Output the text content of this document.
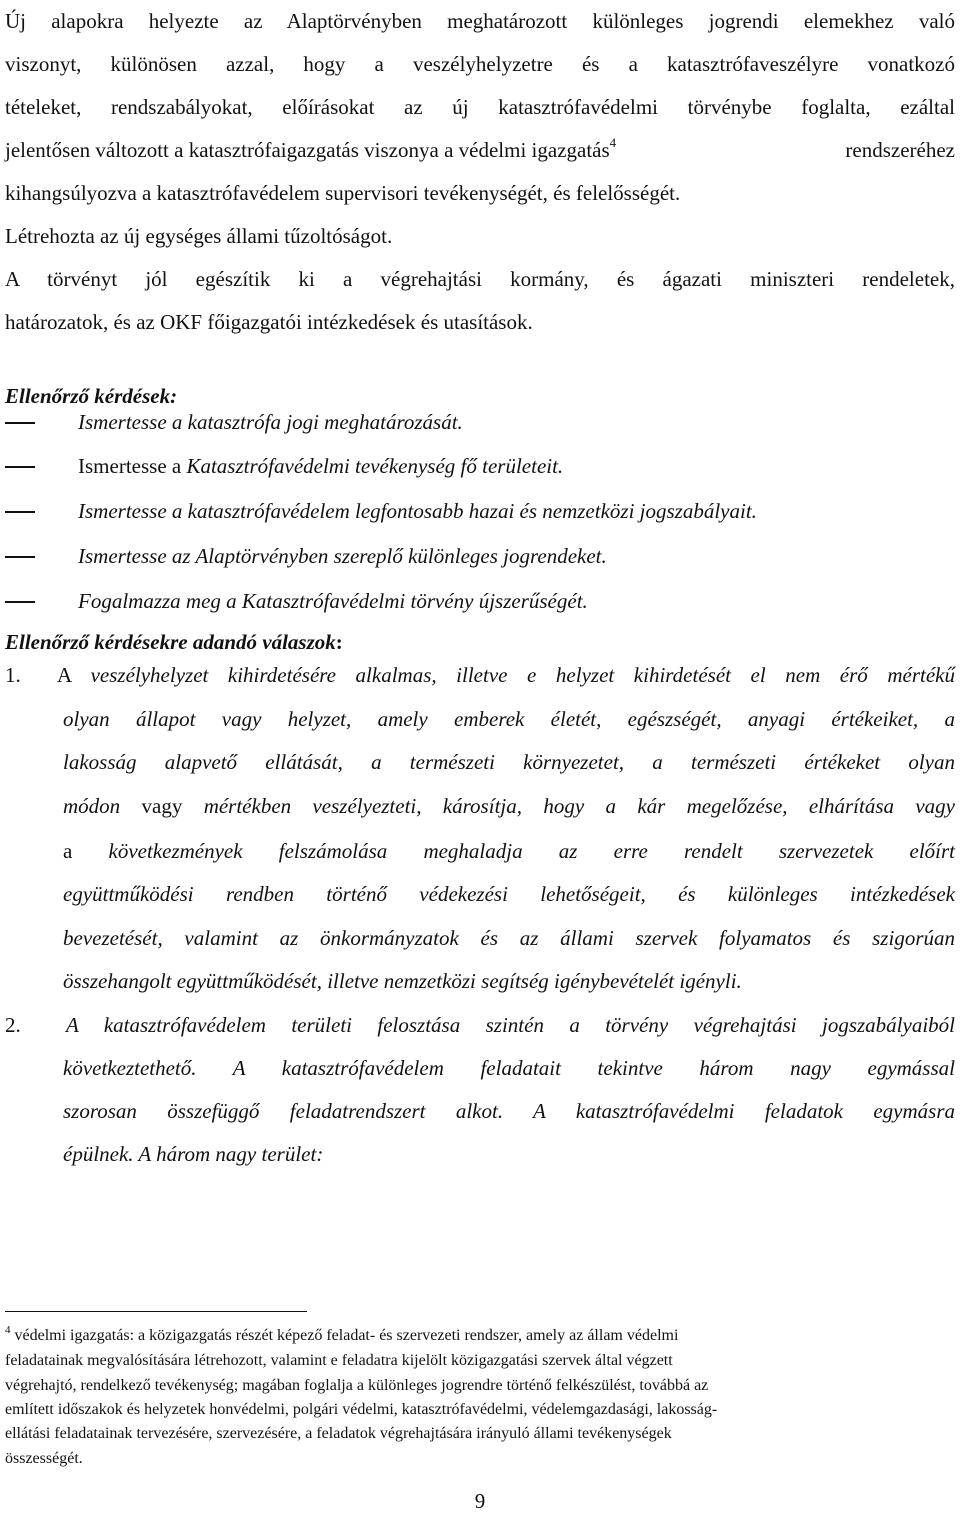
Új alapokra helyezte az Alaptörvényben meghatározott különleges jogrendi elemekhez való
viszonyt, különösen azzal, hogy a veszélyhelyzetre és a katasztrófaveszélyre vonatkozó
tételeket, rendszabályokat, előírásokat az új katasztrófavédelmi törvénybe foglalta, ezáltal
jelentősen változott a katasztrófaigazgatás viszonya a védelmi igazgatás$^4$	rendszeréhez
kihangsúlyozva a katasztrófavédelem supervisori tevékenységét, és felelősségét.
Létrehozta az új egységes állami tűzoltóságot.
A törvényt jól egészítik ki a végrehajtási kormány, és ágazati miniszteri rendeletek,
határozatok, és az OKF főigazgatói intézkedések és utasítások.
Ellenőrző kérdések:
Ismertesse a katasztrófa jogi meghatározását.
Ismertesse a Katasztrófavédelmi tevékenység fő területeit.
Ismertesse a katasztrófavédelem legfontosabb hazai és nemzetközi jogszabályait.
Ismertesse az Alaptörvényben szereplő különleges jogrendeket.
Fogalmazza meg a Katasztrófavédelmi törvény újszerűségét.
Ellenőrző kérdésekre adandó válaszok:
1. A veszélyhelyzet kihirdetésére alkalmas, illetve e helyzet kihirdetését el nem érő mértékű
olyan állapot vagy helyzet, amely emberek életét, egészségét, anyagi értékeiket, a
lakosság alapvető ellátását, a természeti környezetet, a természeti értékeket olyan
módon vagy mértékben veszélyezteti, károsítja, hogy a kár megelőzése, elhárítása vagy
a következmények felszámolása meghaladja az erre rendelt szervezetek előírt
együttműködési rendben történő védekezési lehetőségeit, és különleges intézkedések
bevezetését, valamint az önkormányzatok és az állami szervek folyamatos és szigorúan
összehangolt együttműködését, illetve nemzetközi segítség igénybevételét igényli.
2. A katasztrófavédelem területi felosztása szintén a törvény végrehajtási jogszabályaiból
következtethető. A katasztrófavédelem feladatait tekintve három nagy egymással
szorosan összefüggő feladatrendszert alkot. A katasztrófavédelmi feladatok egymásra
épülnek. A három nagy terület:
$^4$ védelmi igazgatás: a közigazgatás részét képező feladat- és szervezeti rendszer, amely az állam védelmi
feladatainak megvalósítására létrehozott, valamint e feladatra kijelölt közigazgatási szervek által végzett
végrehajtó, rendelkező tevékenység; magában foglalja a különleges jogrendre történő felkészülést, továbbá az
említett időszakok és helyzetek honvédelmi, polgári védelmi, katasztrófavédelmi, védelemgazdasági, lakosság-
ellátási feladatainak tervezésére, szervezésére, a feladatok végrehajtására irányuló állami tevékenységek
összességét.
9
